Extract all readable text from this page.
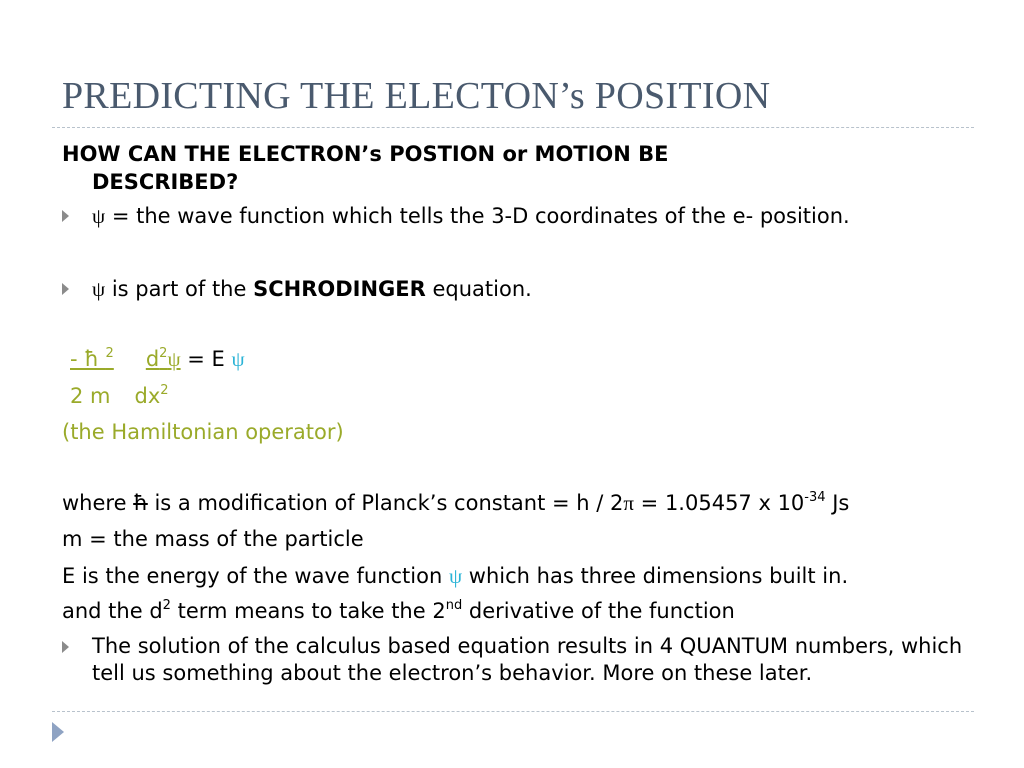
PREDICTING THE ELECTON’s POSITION
HOW CAN THE ELECTRON’s POSTION or MOTION BE
DESCRIBED?
ψ = the wave function which tells the 3-D coordinates of the e- position.
ψ is part of the SCHRODINGER equation.
- ħ $^2$ $d^2\psi = E$ ψ
2 m $dx^2$
(the Hamiltonian operator)
where ħ is a modification of Planck’s constant = h / 2π = 1.05457 x $10^{-34}$ Js
m = the mass of the particle
E is the energy of the wave function ψ which has three dimensions built in.
and the $d^2$ term means to take the 2nd derivative of the function
The solution of the calculus based equation results in 4 QUANTUM numbers, which tell us something about the electron’s behavior. More on these later.
